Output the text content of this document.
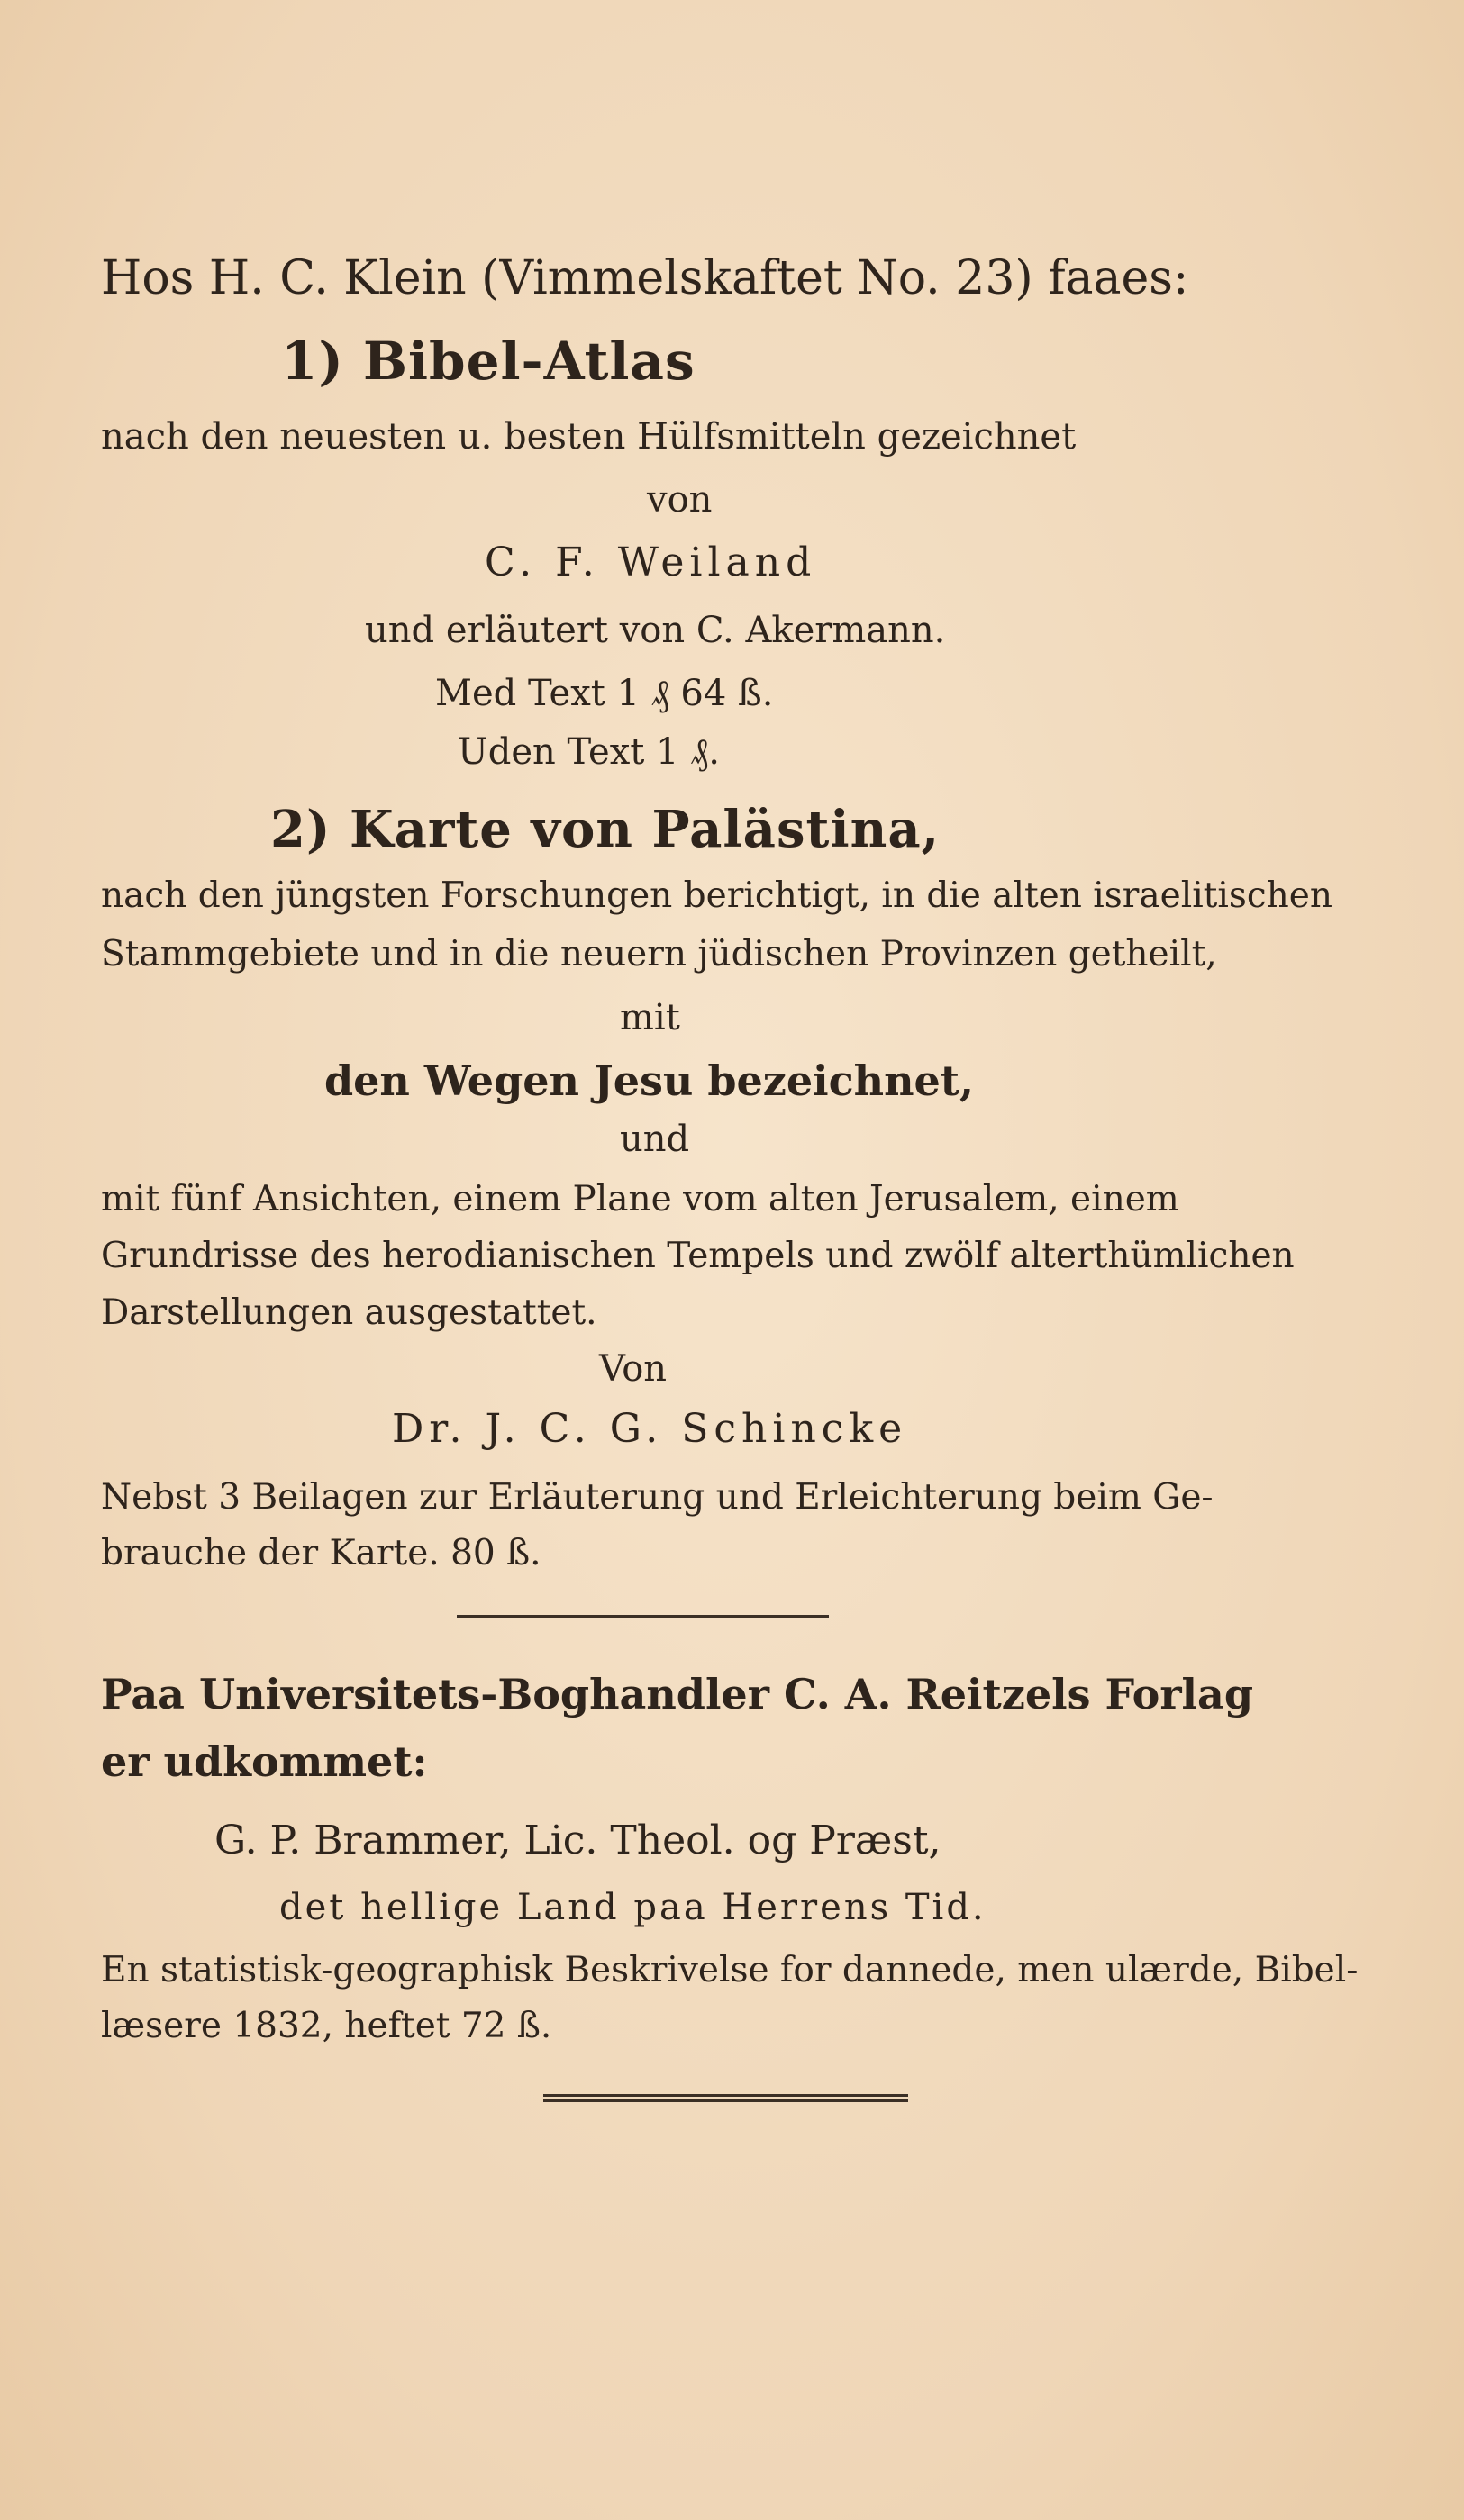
Hos H. C. Klein (Vimmelskaftet No. 23) faaes:
1) Bibel-Atlas
nach den neuesten u. besten Hülfsmitteln gezeichnet
von
C. F. Weiland
und erläutert von C. Akermann.
Med Text 1 ₰ 64 ß.
Uden Text 1 ₰.
2) Karte von Palästina,
nach den jüngsten Forschungen berichtigt, in die alten israelitischen
Stammgebiete und in die neuern jüdischen Provinzen getheilt,
mit
den Wegen Jesu bezeichnet,
und
mit fünf Ansichten, einem Plane vom alten Jerusalem, einem
Grundrisse des herodianischen Tempels und zwölf alterthümlichen
Darstellungen ausgestattet.
Von
Dr. J. C. G. Schincke
Nebst 3 Beilagen zur Erläuterung und Erleichterung beim Ge-
brauche der Karte. 80 ß.
Paa Universitets-Boghandler C. A. Reitzels Forlag
er udkommet:
G. P. Brammer, Lic. Theol. og Præst,
det hellige Land paa Herrens Tid.
En statistisk-geographisk Beskrivelse for dannede, men ulærde, Bibel-
læsere 1832, heftet 72 ß.
